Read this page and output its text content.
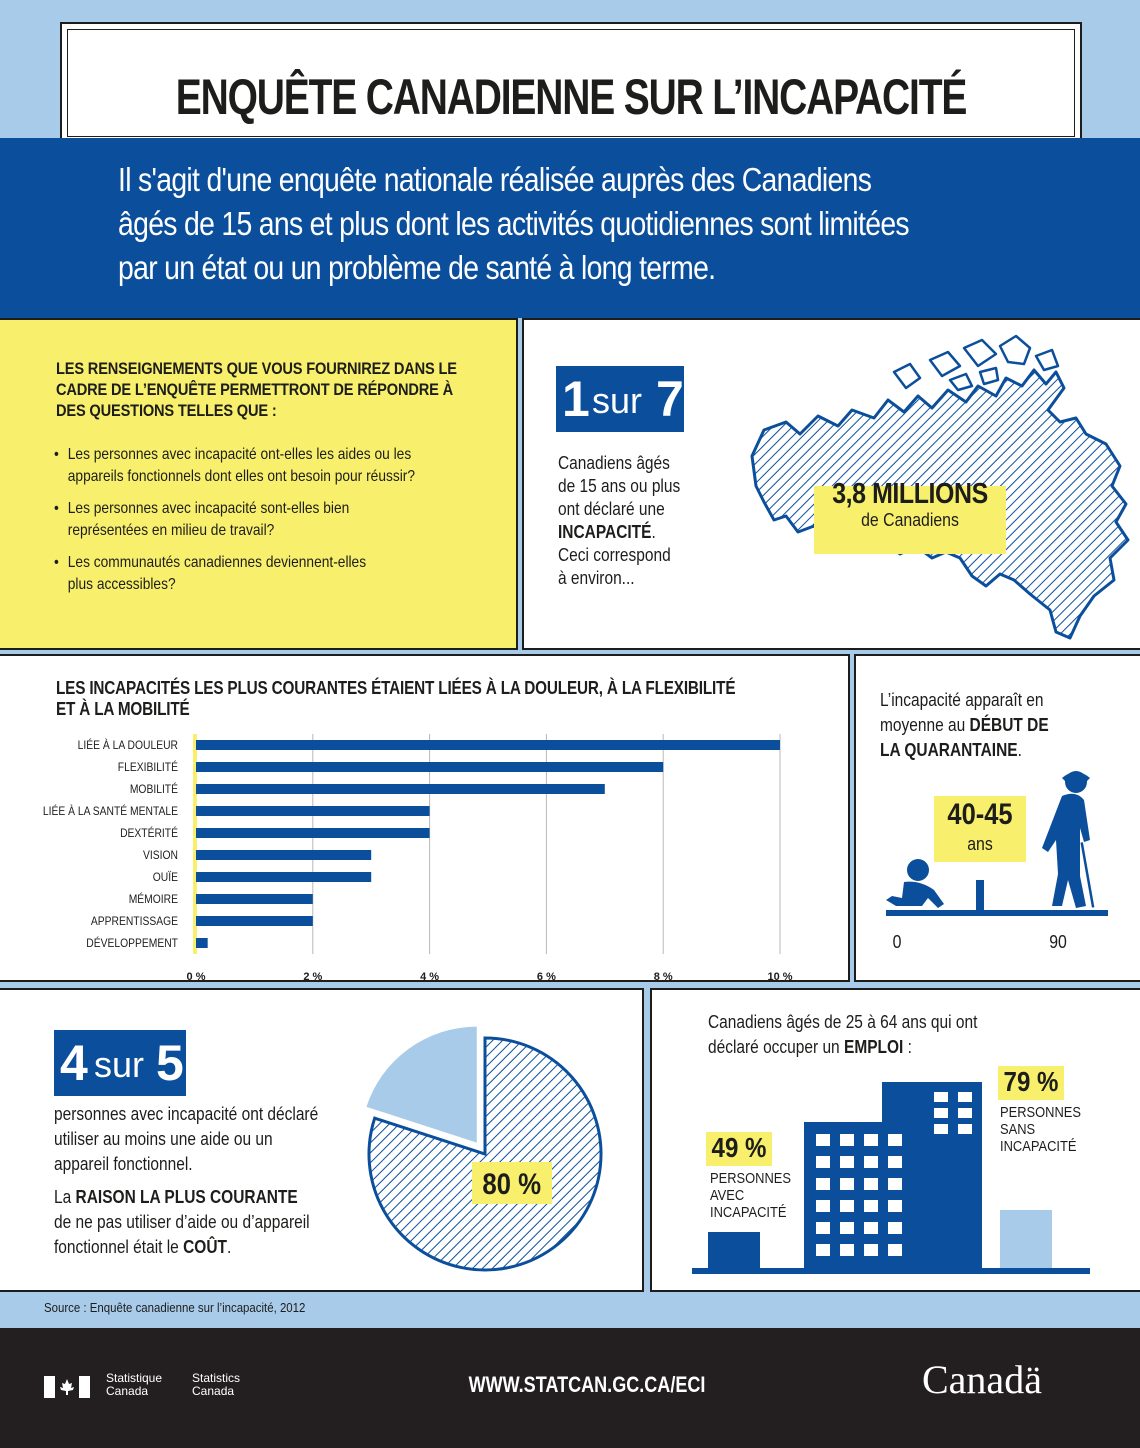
ENQUÊTE CANADIENNE SUR L’INCAPACITÉ
Il s'agit d'une enquête nationale réalisée auprès des Canadiens
âgés de 15 ans et plus dont les activités quotidiennes sont limitées
par un état ou un problème de santé à long terme.
LES RENSEIGNEMENTS QUE VOUS FOURNIREZ DANS LE
CADRE DE L’ENQUÊTE PERMETTRONT DE RÉPONDRE À
DES QUESTIONS TELLES QUE :
• Les personnes avec incapacité ont-elles les aides ou les
appareils fonctionnels dont elles ont besoin pour réussir?
• Les personnes avec incapacité sont-elles bien
représentées en milieu de travail?
• Les communautés canadiennes deviennent-elles
plus accessibles?
1 sur 7
Canadiens âgés
de 15 ans ou plus
ont déclaré une
INCAPACITÉ.
Ceci correspond
à environ...
3,8 MILLIONS
de Canadiens
LES INCAPACITÉS LES PLUS COURANTES ÉTAIENT LIÉES À LA DOULEUR, À LA FLEXIBILITÉ
ET À LA MOBILITÉ
LIÉE À LA DOULEUR
FLEXIBILITÉ
MOBILITÉ
LIÉE À LA SANTÉ MENTALE
DEXTÉRITÉ
VISION
OUÏE
MÉMOIRE
APPRENTISSAGE
DÉVELOPPEMENT
0 %	2 %	4 %	6 %	8 %	10 %
L’incapacité apparaît en
moyenne au DÉBUT DE
LA QUARANTAINE.
40-45
ans
0	90
4 sur 5
personnes avec incapacité ont déclaré
utiliser au moins une aide ou un
appareil fonctionnel.
La RAISON LA PLUS COURANTE
de ne pas utiliser d’aide ou d’appareil
fonctionnel était le COÛT.
80 %
Canadiens âgés de 25 à 64 ans qui ont
déclaré occuper un EMPLOI :
49 %
PERSONNES
AVEC
INCAPACITÉ
79 %
PERSONNES
SANS
INCAPACITÉ
Source : Enquête canadienne sur l’incapacité, 2012
Statistique
Canada
Statistics
Canada	WWW.STATCAN.GC.CA/ECI	Canadä
